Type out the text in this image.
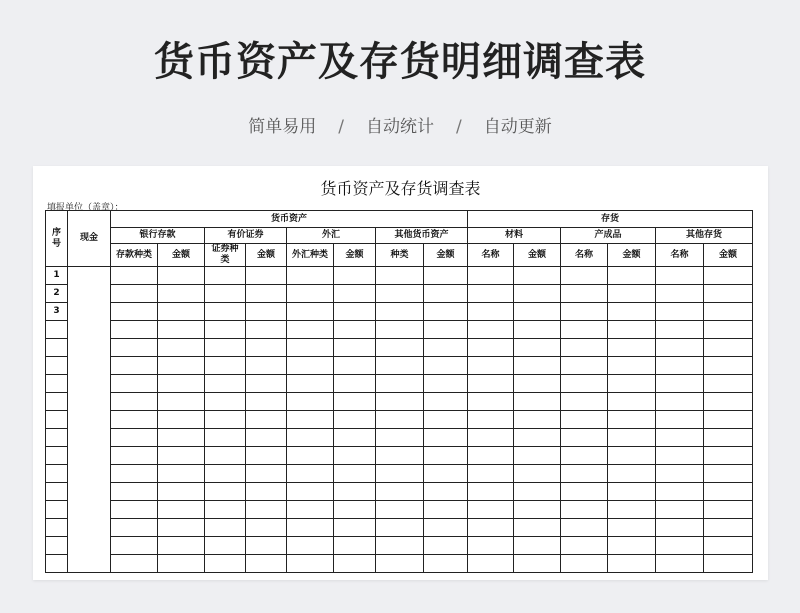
货币资产及存货明细调查表
简单易用 / 自动统计 / 自动更新
货币资产及存货调查表
填报单位（盖章）：
序号	现金	货币资产								存货					
		银行存款		有价证券		外汇		其他货币资产		材料		产成品		其他存货	
		存款种类	金额	证券种类	金额	外汇种类	金额	种类	金额	名称	金额	名称	金额	名称	金额
1															
2															
3															
